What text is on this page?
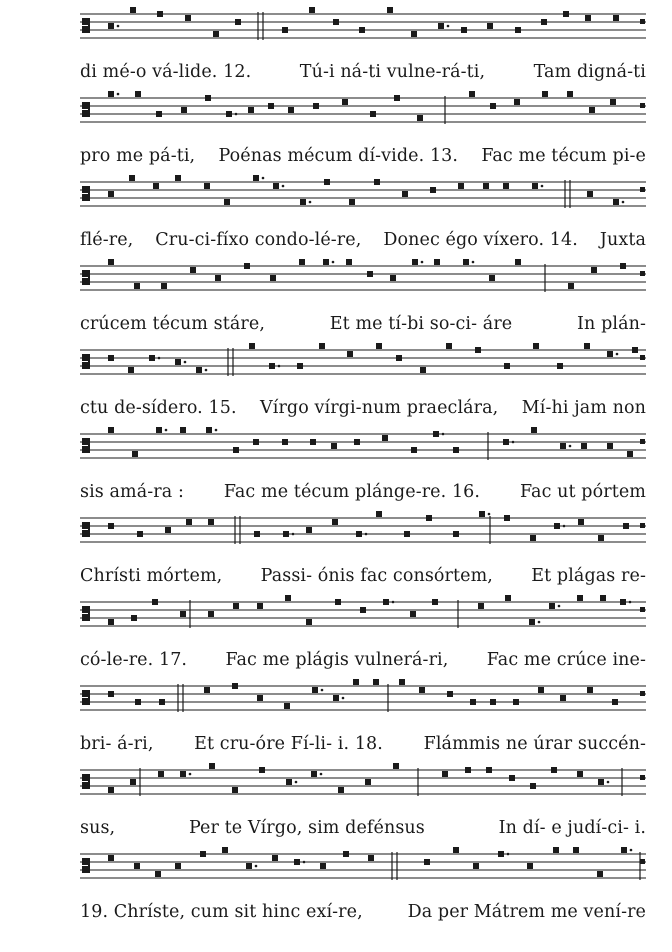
di mé-o vá-lide. 12.	Tú-i ná-ti vulne-rá-ti,	Tam digná-ti
pro me pá-ti, Poénas mécum dí-vide. 13. Fac me técum pi-e
flé-re, Cru-ci-fíxo condo-lé-re, Donec égo víxero. 14. Juxta
crúcem técum stáre,	Et me tí-bi so-ci- áre	In plán-
ctu de-sídero. 15. Vírgo vírgi-num praeclára, Mí-hi jam non
sis amá-ra : Fac me técum plánge-re. 16. Fac ut pórtem
Chrísti mórtem, Passi- ónis fac consórtem, Et plágas re-
có-le-re. 17. Fac me plágis vulnerá-ri, Fac me crúce ine-
bri- á-ri, Et cru-óre Fí-li- i. 18. Flámmis ne úrar succén-
sus,	Per te Vírgo, sim defénsus	In dí- e judí-ci- i.
19. Chríste, cum sit hinc exí-re,	Da per Mátrem me vení-re
